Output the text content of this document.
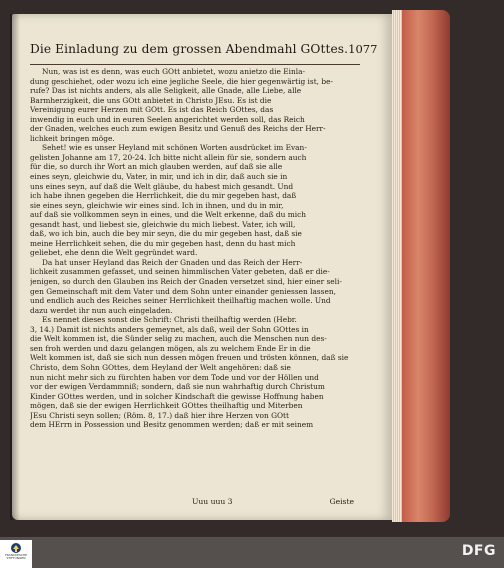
Die Einladung zu dem grossen Abendmahl GOttes. 1077
Nun, was ist es denn, was euch GOtt anbietet, wozu anietzo die Einla-
dung geschiehet, oder wozu ich eine jegliche Seele, die hier gegenwärtig ist, be-
rufe? Das ist nichts anders, als alle Seligkeit, alle Gnade, alle Liebe, alle
Barmherzigkeit, die uns GOtt anbietet in Christo JEsu. Es ist die
Vereinigung eurer Herzen mit GOtt. Es ist das Reich GOttes, das
inwendig in euch und in euren Seelen angerichtet werden soll, das Reich
der Gnaden, welches euch zum ewigen Besitz und Genuß des Reichs der Herr-
lichkeit bringen möge.
Sehet! wie es unser Heyland mit schönen Worten ausdrücket im Evan-
gelisten Johanne am 17, 20-24. Ich bitte nicht allein für sie, sondern auch
für die, so durch ihr Wort an mich glauben werden, auf daß sie alle
eines seyn, gleichwie du, Vater, in mir, und ich in dir, daß auch sie in
uns eines seyn, auf daß die Welt gläube, du habest mich gesandt. Und
ich habe ihnen gegeben die Herrlichkeit, die du mir gegeben hast, daß
sie eines seyn, gleichwie wir eines sind. Ich in ihnen, und du in mir,
auf daß sie vollkommen seyn in eines, und die Welt erkenne, daß du mich
gesandt hast, und liebest sie, gleichwie du mich liebest. Vater, ich will,
daß, wo ich bin, auch die bey mir seyn, die du mir gegeben hast, daß sie
meine Herrlichkeit sehen, die du mir gegeben hast, denn du hast mich
geliebet, ehe denn die Welt gegründet ward.
Da hat unser Heyland das Reich der Gnaden und das Reich der Herr-
lichkeit zusammen gefasset, und seinen himmlischen Vater gebeten, daß er die-
jenigen, so durch den Glauben ins Reich der Gnaden versetzet sind, hier einer seli-
gen Gemeinschaft mit dem Vater und dem Sohn unter einander geniessen lassen,
und endlich auch des Reiches seiner Herrlichkeit theilhaftig machen wolle. Und
dazu werdet ihr nun auch eingeladen.
Es nennet dieses sonst die Schrift: Christi theilhaftig werden (Hebr.
3, 14.) Damit ist nichts anders gemeynet, als daß, weil der Sohn GOttes in
die Welt kommen ist, die Sünder selig zu machen, auch die Menschen nun des-
sen froh werden und dazu gelangen mögen, als zu welchem Ende Er in die
Welt kommen ist, daß sie sich nun dessen mögen freuen und trösten können, daß sie
Christo, dem Sohn GOttes, dem Heyland der Welt angehören: daß sie
nun nicht mehr sich zu fürchten haben vor dem Tode und vor der Höllen und
vor der ewigen Verdammniß; sondern, daß sie nun wahrhaftig durch Christum
Kinder GOttes werden, und in solcher Kindschaft die gewisse Hoffnung haben
mögen, daß sie der ewigen Herrlichkeit GOttes theilhaftig und Miterben
JEsu Christi seyn sollen; (Röm. 8, 17.) daß hier ihre Herzen von GOtt
dem HErrn in Possession und Besitz genommen werden; daß er mit seinem
Uuu uuu 3	Geiste
FRANCKESCHE STIFTUNGEN	DFG
